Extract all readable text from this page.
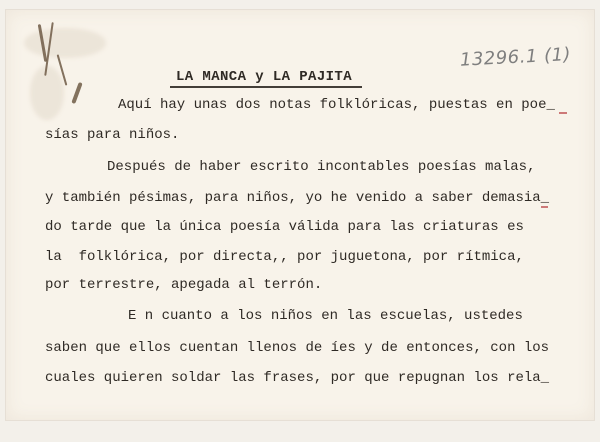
13296.1 (1)
LA MANCA y LA PAJITA
Aquí hay unas dos notas folklóricas, puestas en poe_
sías para niños.
Después de haber escrito incontables poesías malas,
y también pésimas, para niños, yo he venido a saber demasia_
do tarde que la única poesía válida para las criaturas es
la  folklórica, por directa,, por juguetona, por rítmica,
por terrestre, apegada al terrón.
E n cuanto a los niños en las escuelas, ustedes
saben que ellos cuentan llenos de íes y de entonces, con los
cuales quieren soldar las frases, por que repugnan los rela_
